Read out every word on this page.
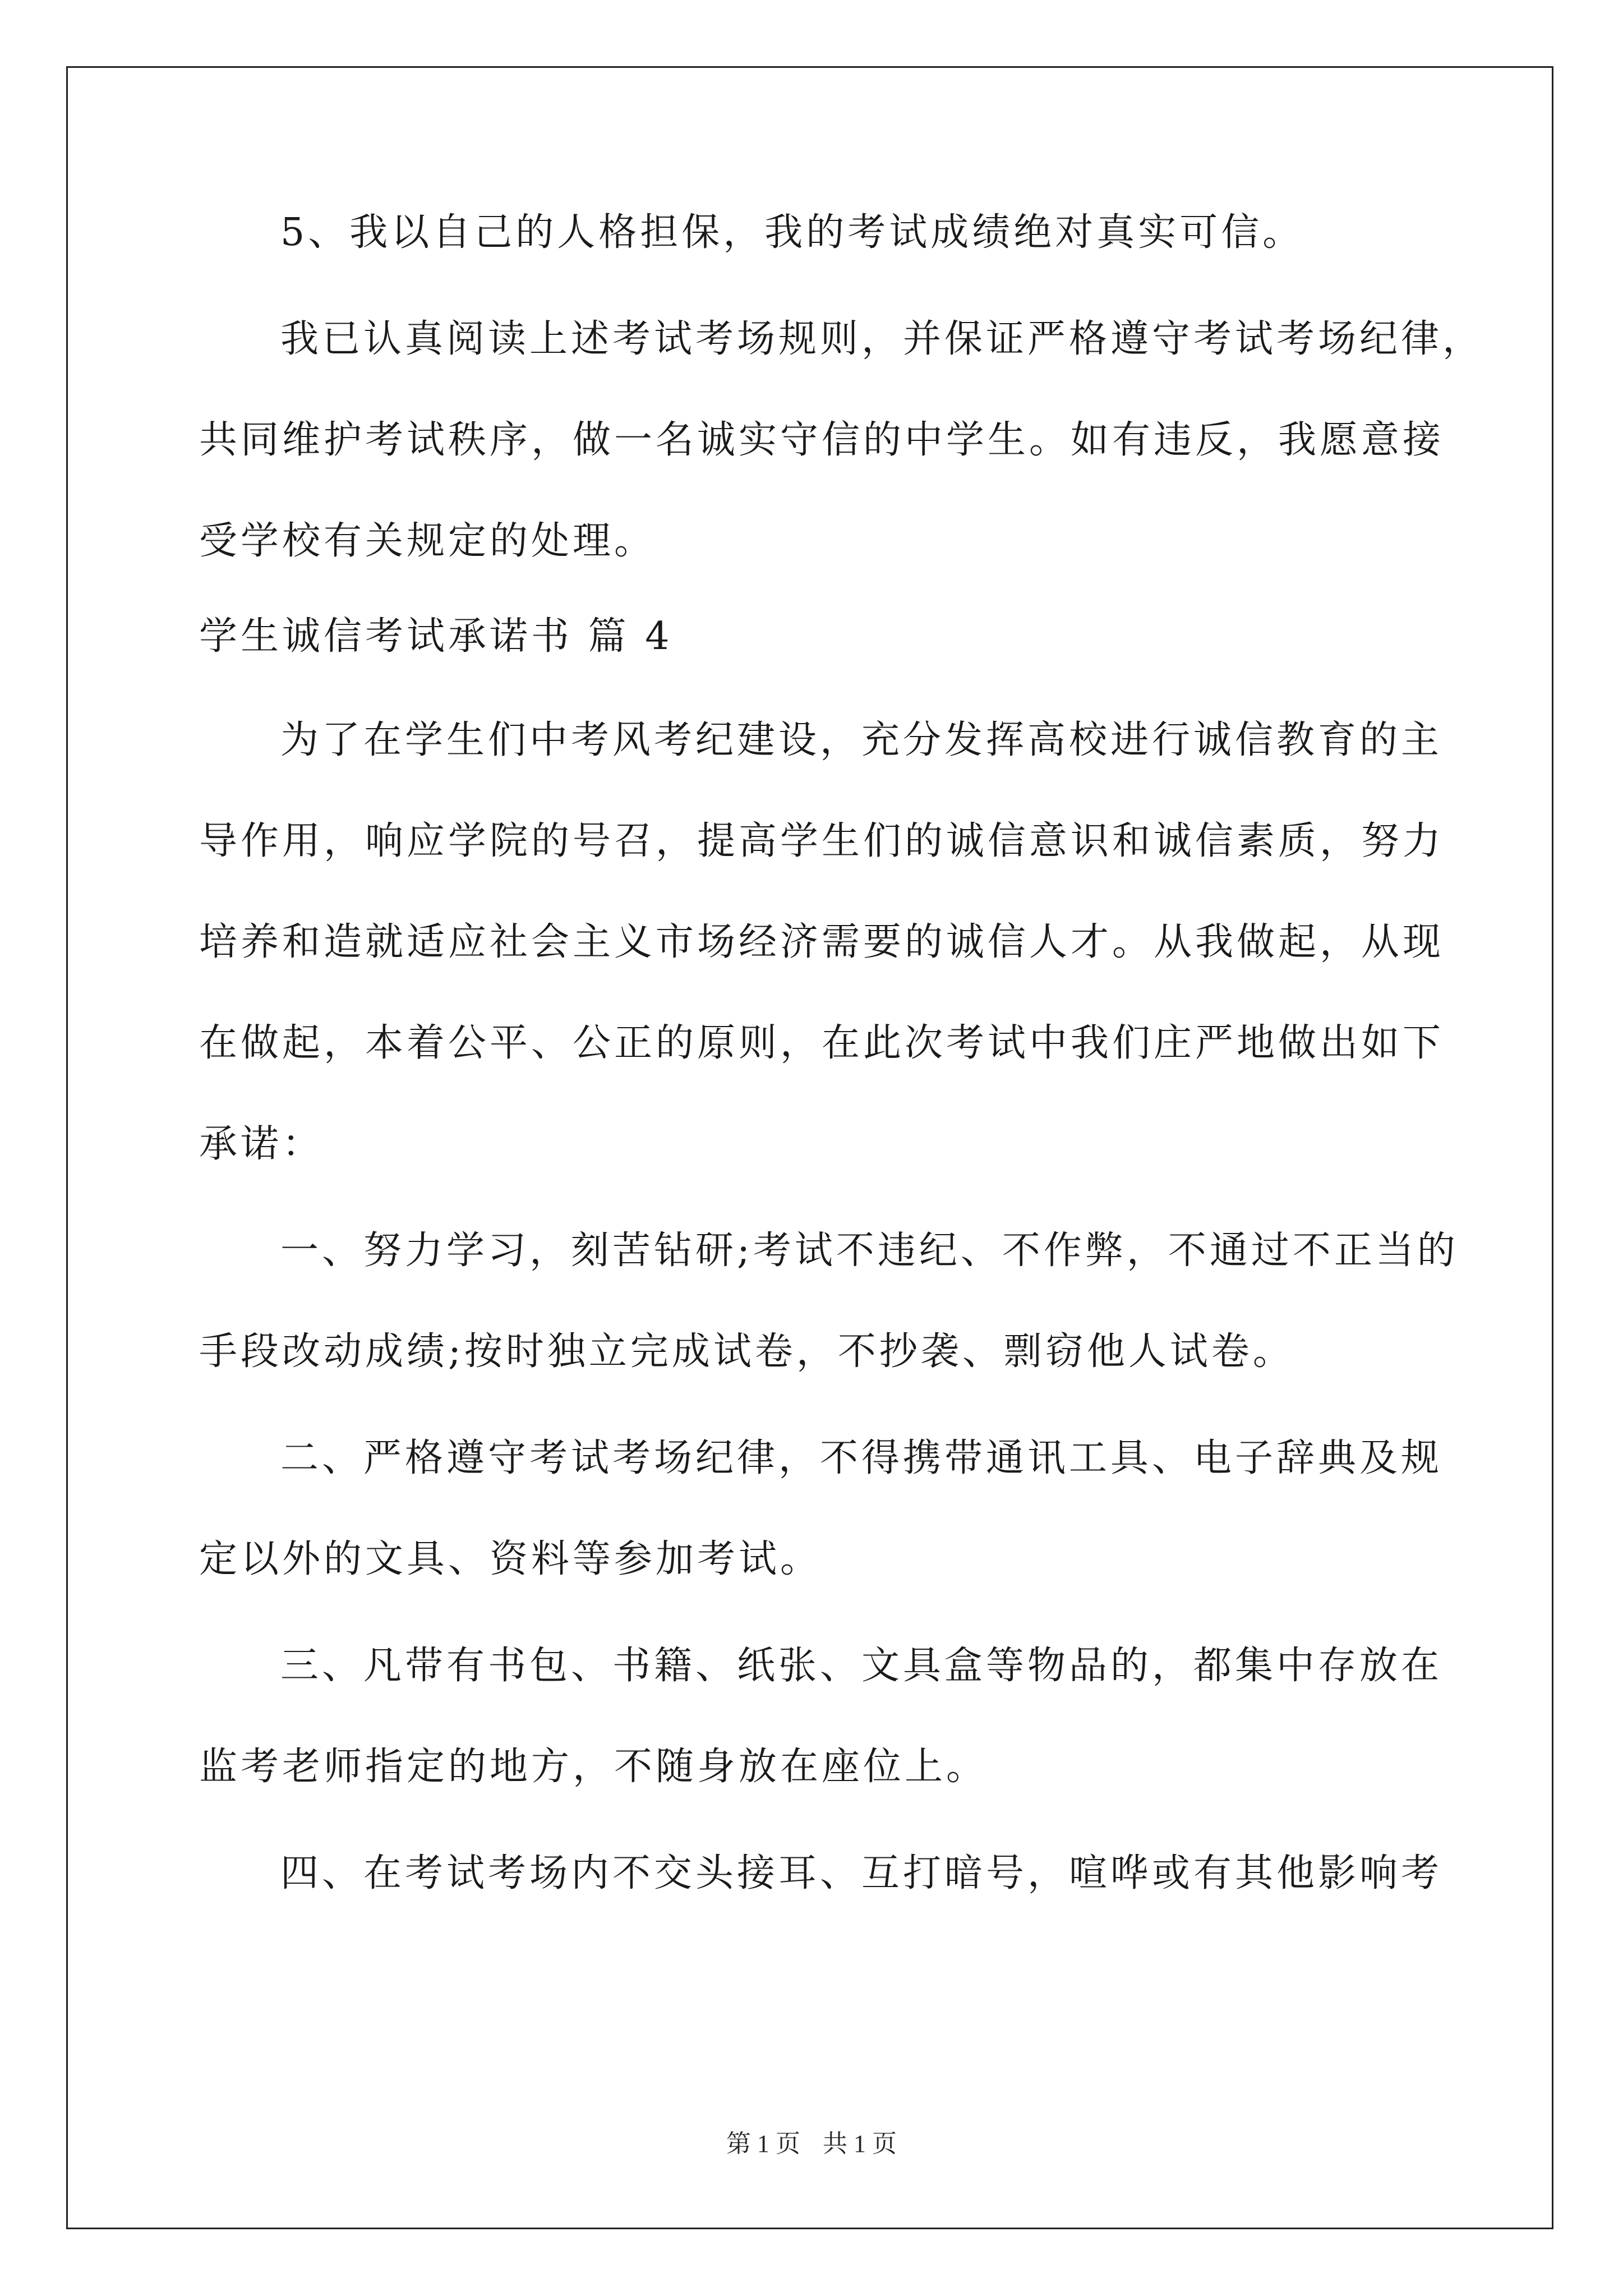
5、我以自己的人格担保，我的考试成绩绝对真实可信。
我已认真阅读上述考试考场规则，并保证严格遵守考试考场纪律，
共同维护考试秩序，做一名诚实守信的中学生。如有违反，我愿意接
受学校有关规定的处理。
学生诚信考试承诺书 篇 4
为了在学生们中考风考纪建设，充分发挥高校进行诚信教育的主
导作用，响应学院的号召，提高学生们的诚信意识和诚信素质，努力
培养和造就适应社会主义市场经济需要的诚信人才。从我做起，从现
在做起，本着公平、公正的原则，在此次考试中我们庄严地做出如下
承诺：
一、努力学习，刻苦钻研;考试不违纪、不作弊，不通过不正当的
手段改动成绩;按时独立完成试卷，不抄袭、剽窃他人试卷。
二、严格遵守考试考场纪律，不得携带通讯工具、电子辞典及规
定以外的文具、资料等参加考试。
三、凡带有书包、书籍、纸张、文具盒等物品的，都集中存放在
监考老师指定的地方，不随身放在座位上。
四、在考试考场内不交头接耳、互打暗号，喧哗或有其他影响考
第 1 页 共 1 页
